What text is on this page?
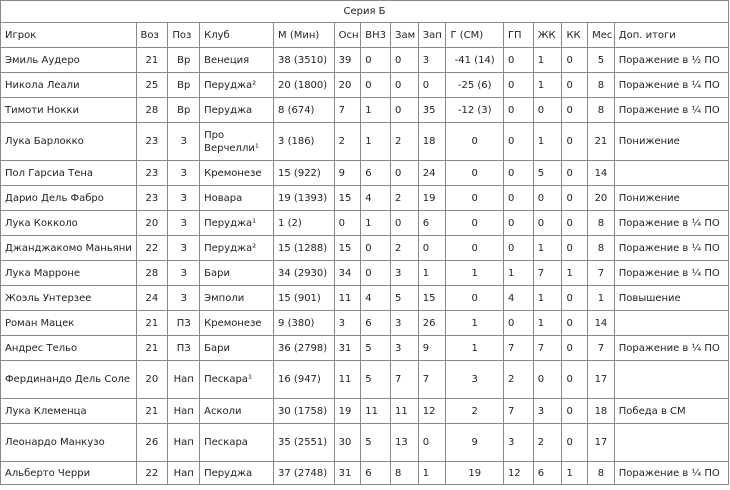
Серия Б														
Игрок	Воз	Поз	Клуб	М (Мин)	Осн	ВН3	Зам	Зап	Г (СМ)	ГП	ЖК	КК	Мес	Доп. итоги
Эмиль Аудеро	21	Вр	Венеция	38 (3510)	39	0	0	3	-41 (14)	0	1	0	5	Поражение в ½ ПО
Никола Леали	25	Вр	Перуджа²	20 (1800)	20	0	0	0	-25 (6)	0	1	0	8	Поражение в ¼ ПО
Тимоти Нокки	28	Вр	Перуджа	8 (674)	7	1	0	35	-12 (3)	0	0	0	8	Поражение в ¼ ПО
Лука Барлокко	23	З	Про Верчелли¹	3 (186)	2	1	2	18	0	0	1	0	21	Понижение
Пол Гарсиа Тена	23	З	Кремонезе	15 (922)	9	6	0	24	0	0	5	0	14	
Дарио Дель Фабро	23	З	Новара	19 (1393)	15	4	2	19	0	0	0	0	20	Понижение
Лука Кокколо	20	З	Перуджа¹	1 (2)	0	1	0	6	0	0	0	0	8	Поражение в ¼ ПО
Джанджакомо Маньяни	22	З	Перуджа²	15 (1288)	15	0	2	0	0	0	1	0	8	Поражение в ¼ ПО
Лука Марроне	28	З	Бари	34 (2930)	34	0	3	1	1	1	7	1	7	Поражение в ¼ ПО
Жоэль Унтерзее	24	З	Эмполи	15 (901)	11	4	5	15	0	4	1	0	1	Повышение
Роман Мацек	21	ПЗ	Кремонезе	9 (380)	3	6	3	26	1	0	1	0	14	
Андрес Тельо	21	ПЗ	Бари	36 (2798)	31	5	3	9	1	7	7	0	7	Поражение в ¼ ПО
Фердинандо Дель Соле	20	Нап	Пескара¹	16 (947)	11	5	7	7	3	2	0	0	17	
Лука Клеменца	21	Нап	Асколи	30 (1758)	19	11	11	12	2	7	3	0	18	Победа в СМ
Леонардо Манкузо	26	Нап	Пескара	35 (2551)	30	5	13	0	9	3	2	0	17	
Альберто Черри	22	Нап	Перуджа	37 (2748)	31	6	8	1	19	12	6	1	8	Поражение в ¼ ПО
